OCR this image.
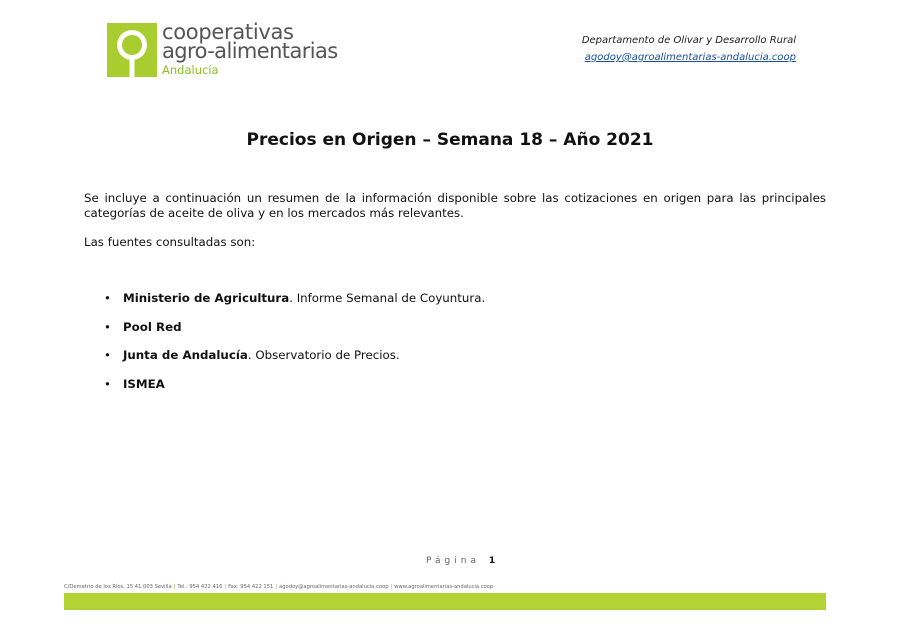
cooperativas
agro-alimentarias
Andalucía
Departamento de Olivar y Desarrollo Rural
agodoy@agroalimentarias-andalucia.coop
Precios en Origen – Semana 18 – Año 2021

Se incluye a continuación un resumen de la información disponible sobre las cotizaciones en origen para las principales categorías de aceite de oliva y en los mercados más relevantes.

Las fuentes consultadas son:

• Ministerio de Agricultura. Informe Semanal de Coyuntura.
• Pool Red
• Junta de Andalucía. Observatorio de Precios.
• ISMEA
Página 1
C/Demetrio de los Ríos, 15 41.003 Sevilla | Tel.: 954 422 416 | Fax: 954 422 151 | agodoy@agroalimentarias-andalucia.coop | www.agroalimentarias-andalucia.coop
